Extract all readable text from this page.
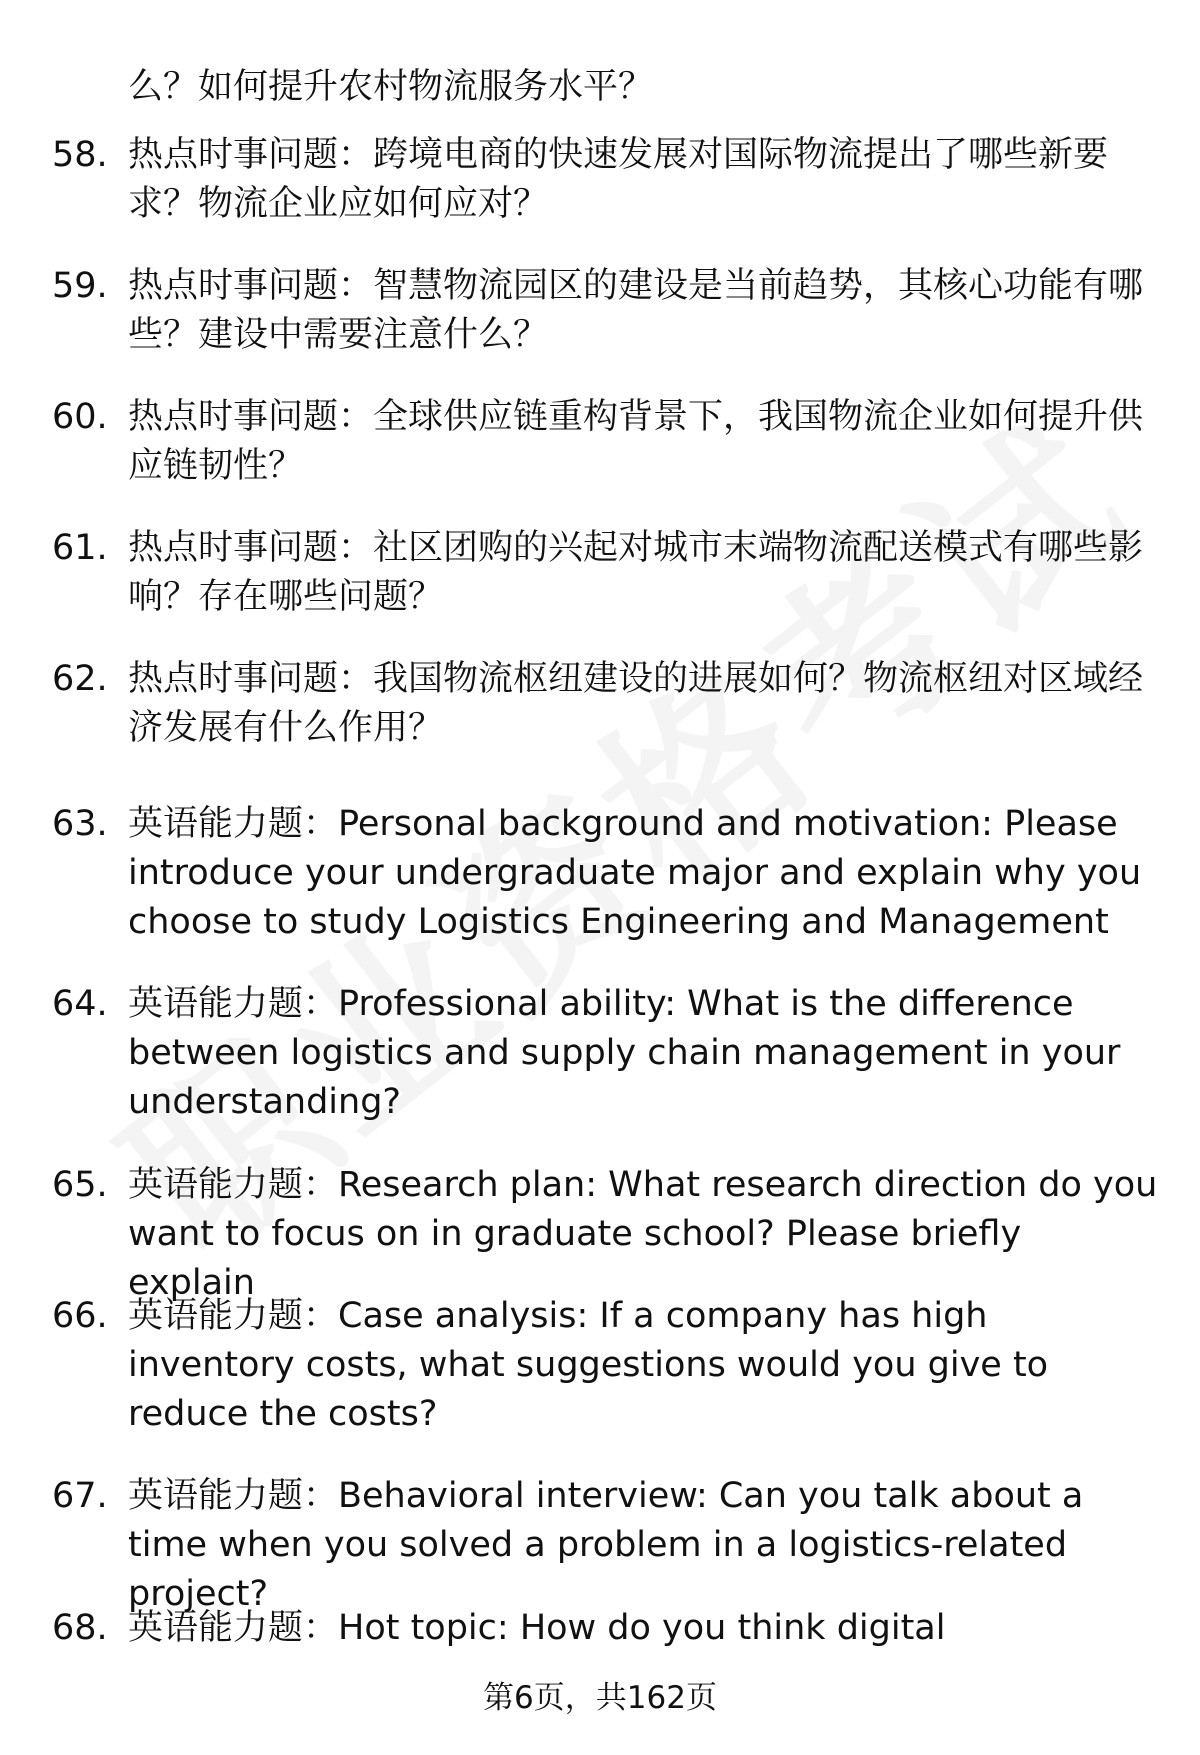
么？如何提升农村物流服务水平？
58. 热点时事问题：跨境电商的快速发展对国际物流提出了哪些新要求？物流企业应如何应对？
59. 热点时事问题：智慧物流园区的建设是当前趋势，其核心功能有哪些？建设中需要注意什么？
60. 热点时事问题：全球供应链重构背景下，我国物流企业如何提升供应链韧性？
61. 热点时事问题：社区团购的兴起对城市末端物流配送模式有哪些影响？存在哪些问题？
62. 热点时事问题：我国物流枢纽建设的进展如何？物流枢纽对区域经济发展有什么作用？
63. 英语能力题：Personal background and motivation: Please introduce your undergraduate major and explain why you choose to study Logistics Engineering and Management
64. 英语能力题：Professional ability: What is the difference between logistics and supply chain management in your understanding?
65. 英语能力题：Research plan: What research direction do you want to focus on in graduate school? Please briefly explain
66. 英语能力题：Case analysis: If a company has high inventory costs, what suggestions would you give to reduce the costs?
67. 英语能力题：Behavioral interview: Can you talk about a time when you solved a problem in a logistics-related project?
68. 英语能力题：Hot topic: How do you think digital
第6页，共162页
